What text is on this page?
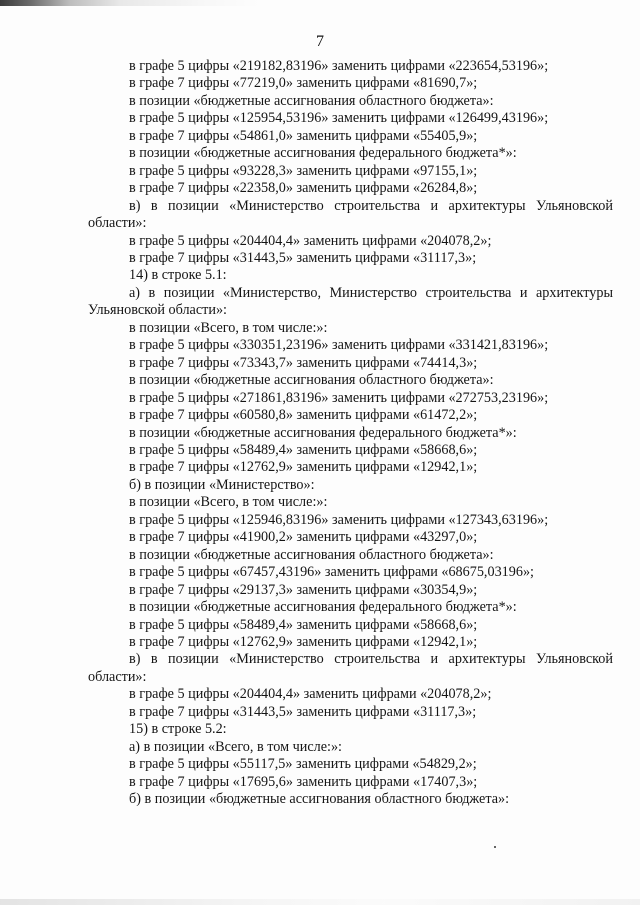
7
в графе 5 цифры «219182,83196» заменить цифрами «223654,53196»;
в графе 7 цифры «77219,0» заменить цифрами «81690,7»;
в позиции «бюджетные ассигнования областного бюджета»:
в графе 5 цифры «125954,53196» заменить цифрами «126499,43196»;
в графе 7 цифры «54861,0» заменить цифрами «55405,9»;
в позиции «бюджетные ассигнования федерального бюджета*»:
в графе 5 цифры «93228,3» заменить цифрами «97155,1»;
в графе 7 цифры «22358,0» заменить цифрами «26284,8»;
в) в позиции «Министерство строительства и архитектуры Ульяновской
области»:
в графе 5 цифры «204404,4» заменить цифрами «204078,2»;
в графе 7 цифры «31443,5» заменить цифрами «31117,3»;
14) в строке 5.1:
а) в позиции «Министерство, Министерство строительства и архитектуры
Ульяновской области»:
в позиции «Всего, в том числе:»:
в графе 5 цифры «330351,23196» заменить цифрами «331421,83196»;
в графе 7 цифры «73343,7» заменить цифрами «74414,3»;
в позиции «бюджетные ассигнования областного бюджета»:
в графе 5 цифры «271861,83196» заменить цифрами «272753,23196»;
в графе 7 цифры «60580,8» заменить цифрами «61472,2»;
в позиции «бюджетные ассигнования федерального бюджета*»:
в графе 5 цифры «58489,4» заменить цифрами «58668,6»;
в графе 7 цифры «12762,9» заменить цифрами «12942,1»;
б) в позиции «Министерство»:
в позиции «Всего, в том числе:»:
в графе 5 цифры «125946,83196» заменить цифрами «127343,63196»;
в графе 7 цифры «41900,2» заменить цифрами «43297,0»;
в позиции «бюджетные ассигнования областного бюджета»:
в графе 5 цифры «67457,43196» заменить цифрами «68675,03196»;
в графе 7 цифры «29137,3» заменить цифрами «30354,9»;
в позиции «бюджетные ассигнования федерального бюджета*»:
в графе 5 цифры «58489,4» заменить цифрами «58668,6»;
в графе 7 цифры «12762,9» заменить цифрами «12942,1»;
в) в позиции «Министерство строительства и архитектуры Ульяновской
области»:
в графе 5 цифры «204404,4» заменить цифрами «204078,2»;
в графе 7 цифры «31443,5» заменить цифрами «31117,3»;
15) в строке 5.2:
а) в позиции «Всего, в том числе:»:
в графе 5 цифры «55117,5» заменить цифрами «54829,2»;
в графе 7 цифры «17695,6» заменить цифрами «17407,3»;
б) в позиции «бюджетные ассигнования областного бюджета»:
